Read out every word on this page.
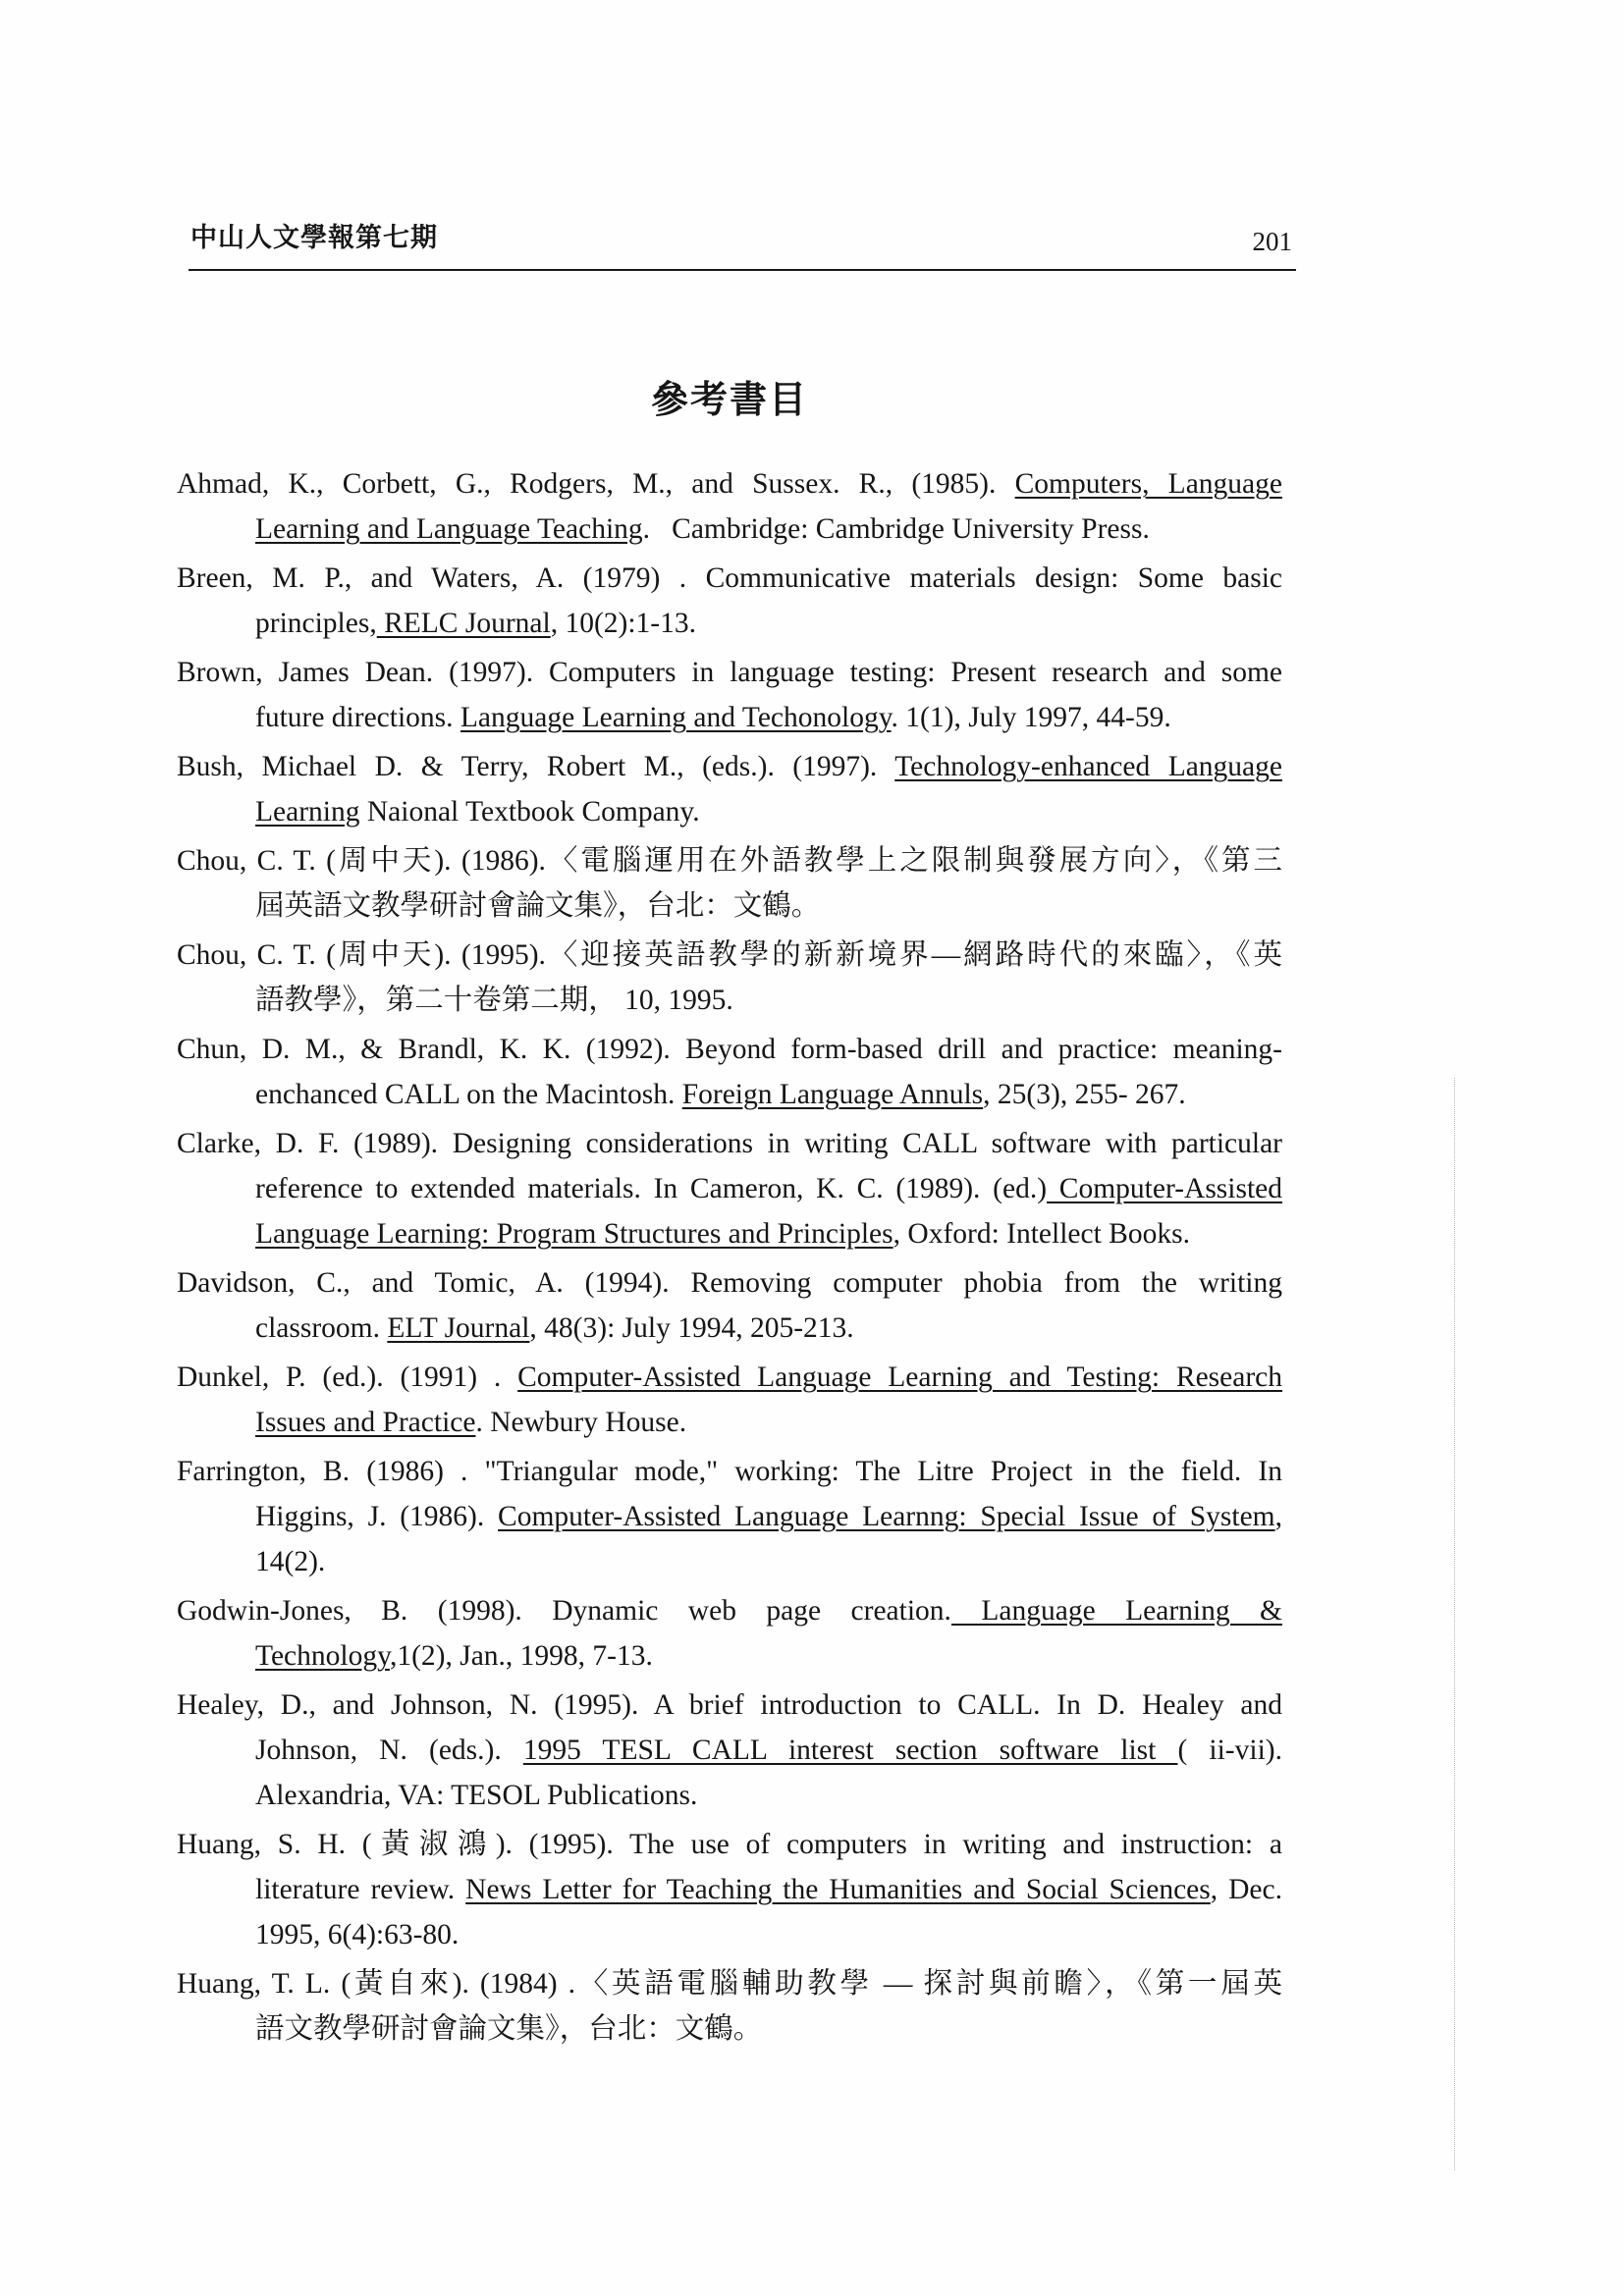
中山人文學報第七期	201
參考書目
Ahmad, K., Corbett, G., Rodgers, M., and Sussex. R., (1985). Computers, Language
Learning and Language Teaching.   Cambridge: Cambridge University Press.
Breen, M. P., and Waters, A. (1979) . Communicative materials design: Some basic
principles, RELC Journal, 10(2):1-13.
Brown, James Dean. (1997). Computers in language testing: Present research and some
future directions. Language Learning and Techonology. 1(1), July 1997, 44-59.
Bush, Michael D. & Terry, Robert M., (eds.). (1997). Technology-enhanced Language
Learning Naional Textbook Company.
Chou, C. T. (周中天). (1986).〈電腦運用在外語教學上之限制與發展方向〉，《第三
屆英語文教學研討會論文集》，台北：文鶴。
Chou, C. T. (周中天). (1995).〈迎接英語教學的新新境界—網路時代的來臨〉，《英
語教學》，第二十卷第二期， 10, 1995.
Chun, D. M., & Brandl, K. K. (1992). Beyond form-based drill and practice: meaning-
enchanced CALL on the Macintosh. Foreign Language Annuls, 25(3), 255- 267.
Clarke, D. F. (1989). Designing considerations in writing CALL software with particular
reference to extended materials. In Cameron, K. C. (1989). (ed.) Computer-Assisted
Language Learning: Program Structures and Principles, Oxford: Intellect Books.
Davidson, C., and Tomic, A. (1994). Removing computer phobia from the writing
classroom. ELT Journal, 48(3): July 1994, 205-213.
Dunkel, P. (ed.). (1991) . Computer-Assisted Language Learning and Testing: Research
Issues and Practice. Newbury House.
Farrington, B. (1986) . "Triangular mode," working: The Litre Project in the field. In
Higgins, J. (1986). Computer-Assisted Language Learnng: Special Issue of System,
14(2).
Godwin-Jones, B. (1998). Dynamic web page creation. Language Learning &
Technology,1(2), Jan., 1998, 7-13.
Healey, D., and Johnson, N. (1995). A brief introduction to CALL. In D. Healey and
Johnson, N. (eds.). 1995 TESL CALL interest section software list ( ii-vii).
Alexandria, VA: TESOL Publications.
Huang, S. H. (黃淑鴻). (1995). The use of computers in writing and instruction: a
literature review. News Letter for Teaching the Humanities and Social Sciences, Dec.
1995, 6(4):63-80.
Huang, T. L. (黃自來). (1984) .〈英語電腦輔助教學 — 探討與前瞻〉，《第一屆英
語文教學研討會論文集》，台北：文鶴。
